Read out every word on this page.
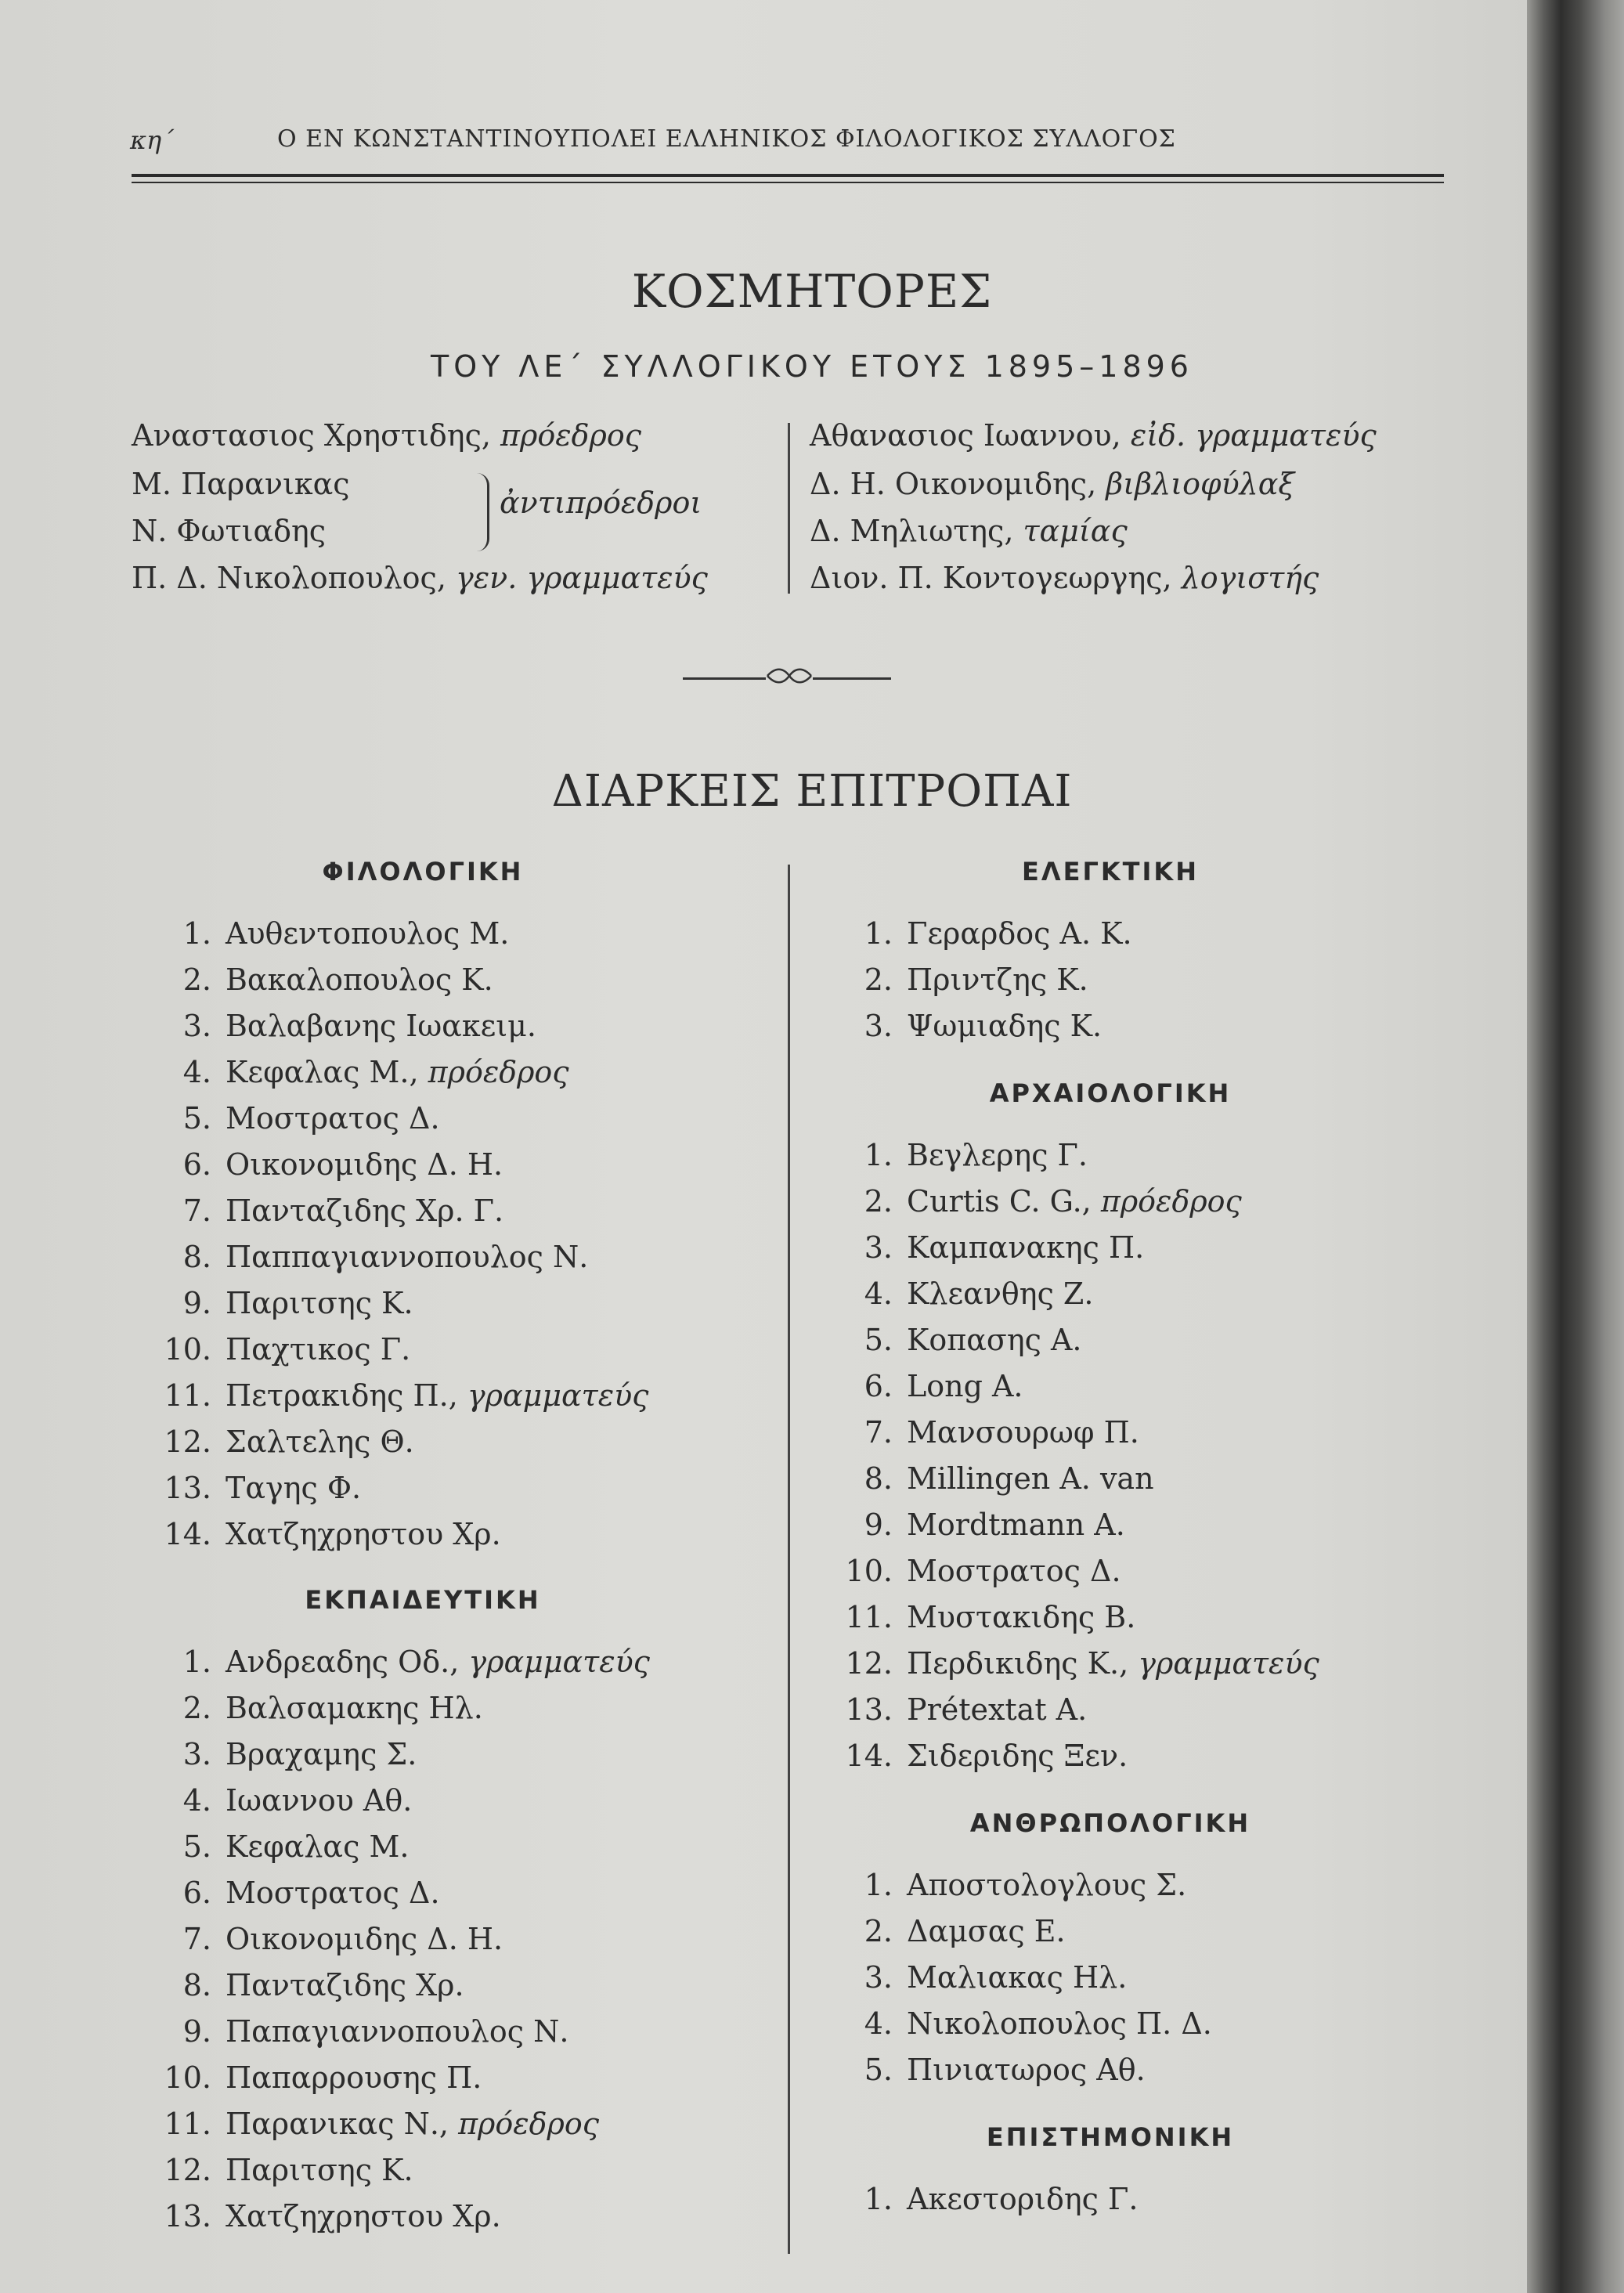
κη΄	Ο ΕΝ ΚΩΝΣΤΑΝΤΙΝΟΥΠΟΛΕΙ ΕΛΛΗΝΙΚΟΣ ΦΙΛΟΛΟΓΙΚΟΣ ΣΥΛΛΟΓΟΣ
ΚΟΣΜΗΤΟΡΕΣ
ΤΟΥ ΛΕ΄ ΣΥΛΛΟΓΙΚΟΥ ΕΤΟΥΣ 1895–1896
Αναστασιος Χρηστιδης, πρόεδρος
Μ. Παρανικας
Ν. Φωτιαδης
ἀντιπρόεδροι
Π. Δ. Νικολοπουλος, γεν. γραμματεύς
Αθανασιος Ιωαννου, εἰδ. γραμματεύς
Δ. Η. Οικονομιδης, βιβλιοφύλαξ
Δ. Μηλιωτης, ταμίας
Διον. Π. Κοντογεωργης, λογιστής
ΔΙΑΡΚΕΙΣ ΕΠΙΤΡΟΠΑΙ
ΦΙΛΟΛΟΓΙΚΗ
1. Αυθεντοπουλος Μ.
2. Βακαλοπουλος Κ.
3. Βαλαβανης Ιωακειμ.
4. Κεφαλας Μ., πρόεδρος
5. Μοστρατος Δ.
6. Οικονομιδης Δ. Η.
7. Πανταζιδης Χρ. Γ.
8. Παππαγιαννοπουλος Ν.
9. Παριτσης Κ.
10. Παχτικος Γ.
11. Πετρακιδης Π., γραμματεύς
12. Σαλτελης Θ.
13. Ταγης Φ.
14. Χατζηχρηστου Χρ.
ΕΚΠΑΙΔΕΥΤΙΚΗ
1. Ανδρεαδης Οδ., γραμματεύς
2. Βαλσαμακης Ηλ.
3. Βραχαμης Σ.
4. Ιωαννου Αθ.
5. Κεφαλας Μ.
6. Μοστρατος Δ.
7. Οικονομιδης Δ. Η.
8. Πανταζιδης Χρ.
9. Παπαγιαννοπουλος Ν.
10. Παπαρρουσης Π.
11. Παρανικας Ν., πρόεδρος
12. Παριτσης Κ.
13. Χατζηχρηστου Χρ.
ΕΛΕΓΚΤΙΚΗ
1. Γεραρδος Α. Κ.
2. Πριντζης Κ.
3. Ψωμιαδης Κ.
ΑΡΧΑΙΟΛΟΓΙΚΗ
1. Βεγλερης Γ.
2. Curtis C. G., πρόεδρος
3. Καμπανακης Π.
4. Κλεανθης Ζ.
5. Κοπασης Α.
6. Long A.
7. Μανσουρωφ Π.
8. Millingen A. van
9. Mordtmann A.
10. Μοστρατος Δ.
11. Μυστακιδης Β.
12. Περδικιδης Κ., γραμματεύς
13. Prétextat A.
14. Σιδεριδης Ξεν.
ΑΝΘΡΩΠΟΛΟΓΙΚΗ
1. Αποστολογλους Σ.
2. Δαμσας Ε.
3. Μαλιακας Ηλ.
4. Νικολοπουλος Π. Δ.
5. Πινιατωρος Αθ.
ΕΠΙΣΤΗΜΟΝΙΚΗ
1. Ακεστοριδης Γ.
